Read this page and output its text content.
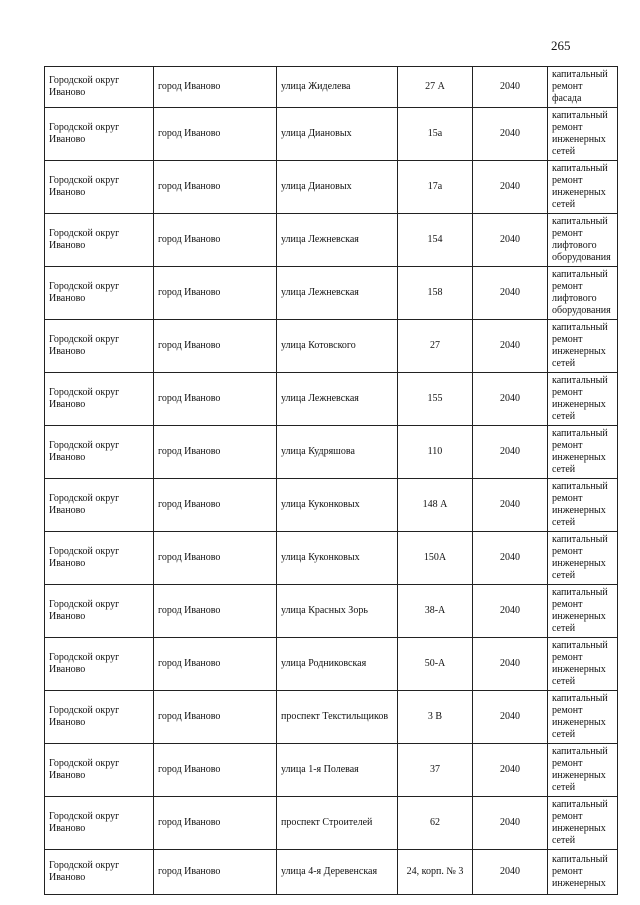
265
Городской округ Иваново	город Иваново	улица Жиделева	27 А	2040	капитальный ремонт фасада
Городской округ Иваново	город Иваново	улица Диановых	15а	2040	капитальный ремонт инженерных сетей
Городской округ Иваново	город Иваново	улица Диановых	17а	2040	капитальный ремонт инженерных сетей
Городской округ Иваново	город Иваново	улица Лежневская	154	2040	капитальный ремонт лифтового оборудования
Городской округ Иваново	город Иваново	улица Лежневская	158	2040	капитальный ремонт лифтового оборудования
Городской округ Иваново	город Иваново	улица Котовского	27	2040	капитальный ремонт инженерных сетей
Городской округ Иваново	город Иваново	улица Лежневская	155	2040	капитальный ремонт инженерных сетей
Городской округ Иваново	город Иваново	улица Кудряшова	110	2040	капитальный ремонт инженерных сетей
Городской округ Иваново	город Иваново	улица Куконковых	148 А	2040	капитальный ремонт инженерных сетей
Городской округ Иваново	город Иваново	улица Куконковых	150А	2040	капитальный ремонт инженерных сетей
Городской округ Иваново	город Иваново	улица Красных Зорь	38-А	2040	капитальный ремонт инженерных сетей
Городской округ Иваново	город Иваново	улица Родниковская	50-А	2040	капитальный ремонт инженерных сетей
Городской округ Иваново	город Иваново	проспект Текстильщиков	3 В	2040	капитальный ремонт инженерных сетей
Городской округ Иваново	город Иваново	улица 1-я Полевая	37	2040	капитальный ремонт инженерных сетей
Городской округ Иваново	город Иваново	проспект Строителей	62	2040	капитальный ремонт инженерных сетей
Городской округ Иваново	город Иваново	улица 4-я Деревенская	24, корп. № 3	2040	капитальный ремонт инженерных
